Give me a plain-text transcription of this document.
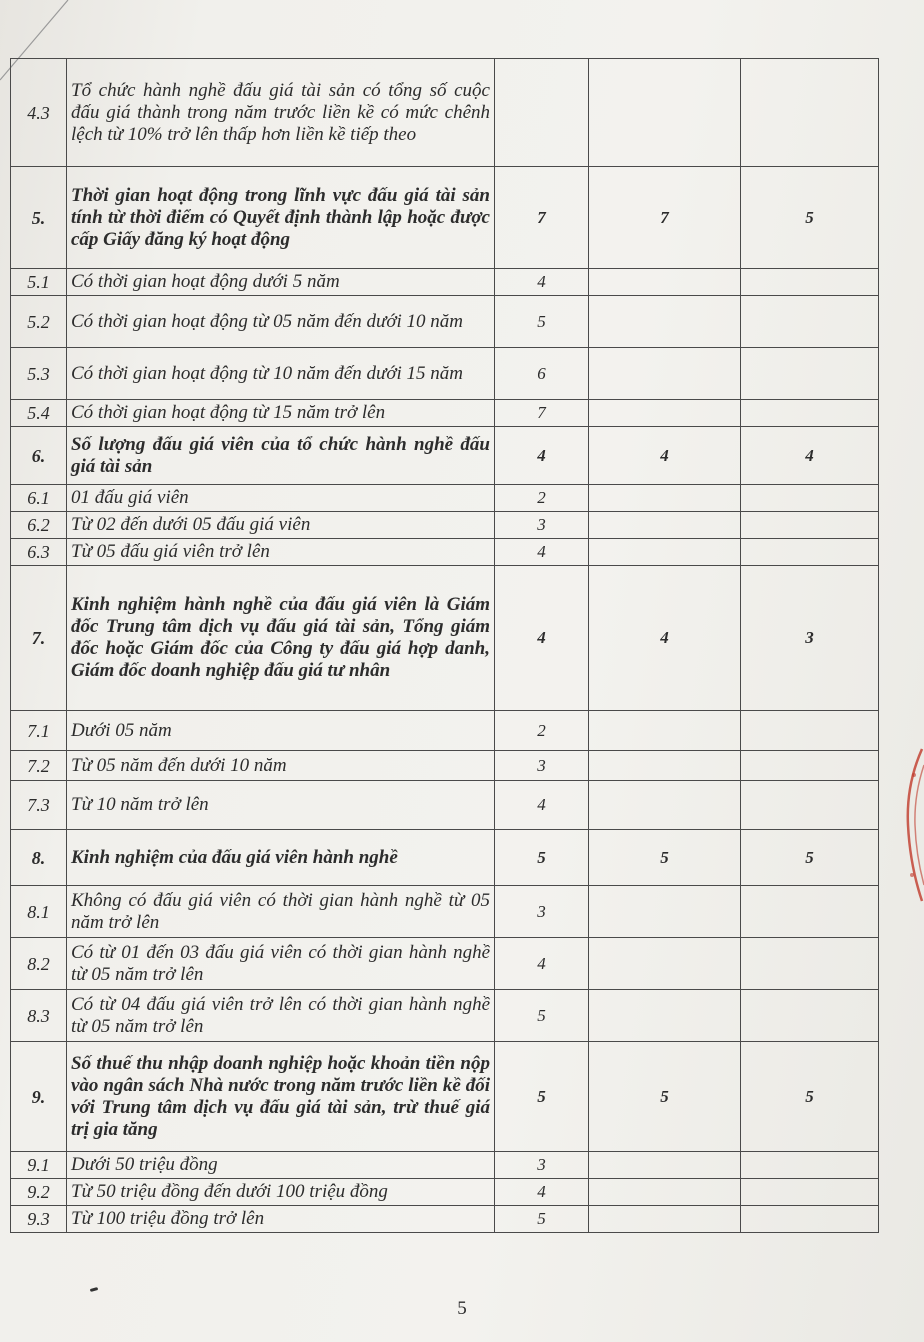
4.3	Tổ chức hành nghề đấu giá tài sản có tổng số cuộc đấu giá thành trong năm trước liền kề có mức chênh lệch từ 10% trở lên thấp hơn liền kề tiếp theo			
5.	Thời gian hoạt động trong lĩnh vực đấu giá tài sản tính từ thời điểm có Quyết định thành lập hoặc được cấp Giấy đăng ký hoạt động	7	7	5
5.1	Có thời gian hoạt động dưới 5 năm	4		
5.2	Có thời gian hoạt động từ 05 năm đến dưới 10 năm	5		
5.3	Có thời gian hoạt động từ 10 năm đến dưới 15 năm	6		
5.4	Có thời gian hoạt động từ 15 năm trở lên	7		
6.	Số lượng đấu giá viên của tổ chức hành nghề đấu giá tài sản	4	4	4
6.1	01 đấu giá viên	2		
6.2	Từ 02 đến dưới 05 đấu giá viên	3		
6.3	Từ 05 đấu giá viên trở lên	4		
7.	Kinh nghiệm hành nghề của đấu giá viên là Giám đốc Trung tâm dịch vụ đấu giá tài sản, Tổng giám đốc hoặc Giám đốc của Công ty đấu giá hợp danh, Giám đốc doanh nghiệp đấu giá tư nhân	4	4	3
7.1	Dưới 05 năm	2		
7.2	Từ 05 năm đến dưới 10 năm	3		
7.3	Từ 10 năm trở lên	4		
8.	Kinh nghiệm của đấu giá viên hành nghề	5	5	5
8.1	Không có đấu giá viên có thời gian hành nghề từ 05 năm trở lên	3		
8.2	Có từ 01 đến 03 đấu giá viên có thời gian hành nghề từ 05 năm trở lên	4		
8.3	Có từ 04 đấu giá viên trở lên có thời gian hành nghề từ 05 năm trở lên	5		
9.	Số thuế thu nhập doanh nghiệp hoặc khoản tiền nộp vào ngân sách Nhà nước trong năm trước liền kề đối với Trung tâm dịch vụ đấu giá tài sản, trừ thuế giá trị gia tăng	5	5	5
9.1	Dưới 50 triệu đồng	3		
9.2	Từ 50 triệu đồng đến dưới 100 triệu đồng	4		
9.3	Từ 100 triệu đồng trở lên	5		
5
